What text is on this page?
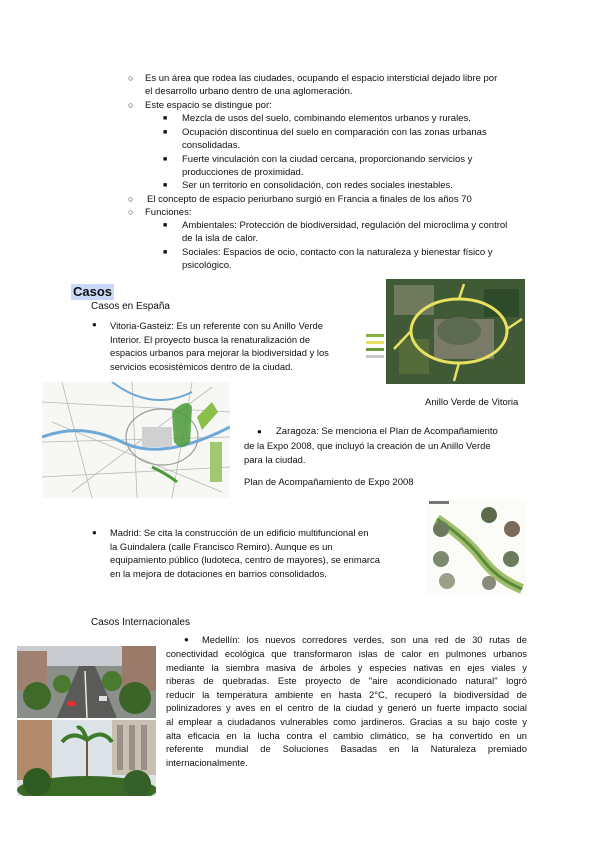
○ Es un área que rodea las ciudades, ocupando el espacio intersticial dejado libre por
el desarrollo urbano dentro de una aglomeración.
○ Este espacio se distingue por:
■ Mezcla de usos del suelo, combinando elementos urbanos y rurales.
■ Ocupación discontinua del suelo en comparación con las zonas urbanas
consolidadas.
■ Fuerte vinculación con la ciudad cercana, proporcionando servicios y
producciones de proximidad.
■ Ser un territorio en consolidación, con redes sociales inestables.
○ El concepto de espacio periurbano surgió en Francia a finales de los años 70
○ Funciones:
■ Ambientales: Protección de biodiversidad, regulación del microclima y control
de la isla de calor.
■ Sociales: Espacios de ocio, contacto con la naturaleza y bienestar físico y
psicológico.
Casos
Casos en España
● Vitoria-Gasteiz: Es un referente con su Anillo Verde
Interior. El proyecto busca la renaturalización de
espacios urbanos para mejorar la biodiversidad y los
servicios ecosistémicos dentro de la ciudad.
Anillo Verde de Vitoria
● Zaragoza: Se menciona el Plan de Acompañamiento
de la Expo 2008, que incluyó la creación de un Anillo Verde
para la ciudad.
Plan de Acompañamiento de Expo 2008
● Madrid: Se cita la construcción de un edificio multifuncional en
la Guindalera (calle Francisco Remiro). Aunque es un
equipamiento público (ludoteca, centro de mayores), se enmarca
en la mejora de dotaciones en barrios consolidados.
Casos Internacionales
● Medellín: los nuevos corredores verdes, son una red de 30 rutas de
conectividad ecológica que transformaron islas de calor en pulmones urbanos
mediante la siembra masiva de árboles y especies nativas en ejes viales y
riberas de quebradas. Este proyecto de "aire acondicionado natural" logró
reducir la temperatura ambiente en hasta 2°C, recuperó la biodiversidad de
polinizadores y aves en el centro de la ciudad y generó un fuerte impacto social
al emplear a ciudadanos vulnerables como jardineros. Gracias a su bajo coste y
alta eficacia en la lucha contra el cambio climático, se ha convertido en un
referente mundial de Soluciones Basadas en la Naturaleza premiado
internacionalmente.
